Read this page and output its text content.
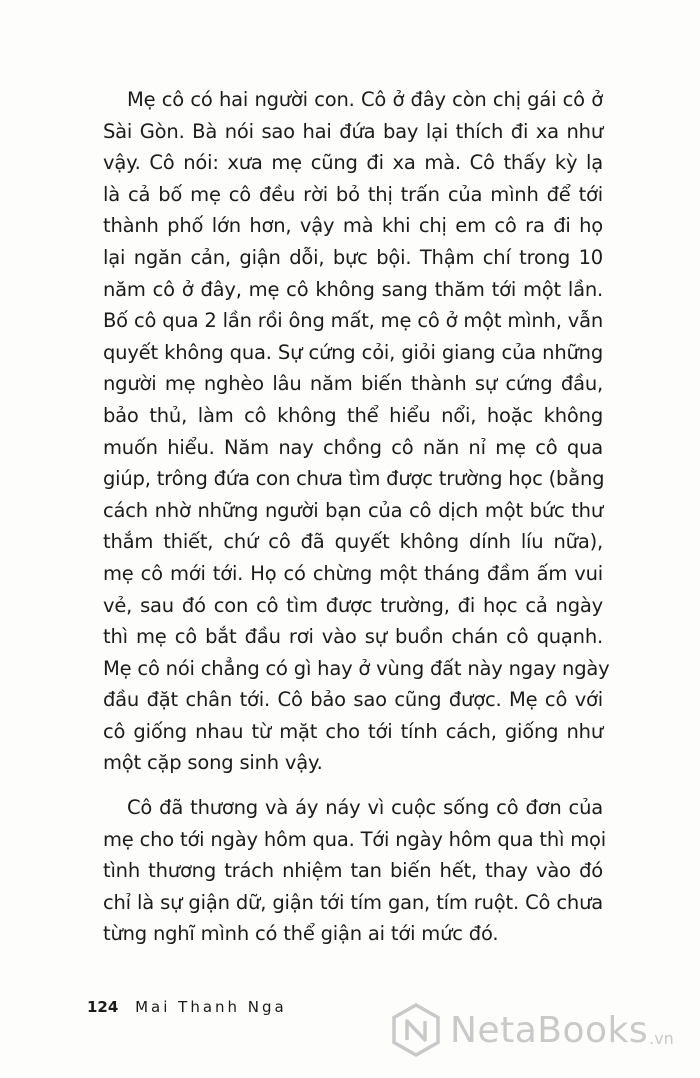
Mẹ cô có hai người con. Cô ở đây còn chị gái cô ở
Sài Gòn. Bà nói sao hai đứa bay lại thích đi xa như
vậy. Cô nói: xưa mẹ cũng đi xa mà. Cô thấy kỳ lạ
là cả bố mẹ cô đều rời bỏ thị trấn của mình để tới
thành phố lớn hơn, vậy mà khi chị em cô ra đi họ
lại ngăn cản, giận dỗi, bực bội. Thậm chí trong 10
năm cô ở đây, mẹ cô không sang thăm tới một lần.
Bố cô qua 2 lần rồi ông mất, mẹ cô ở một mình, vẫn
quyết không qua. Sự cứng cỏi, giỏi giang của những
người mẹ nghèo lâu năm biến thành sự cứng đầu,
bảo thủ, làm cô không thể hiểu nổi, hoặc không
muốn hiểu. Năm nay chồng cô năn nỉ mẹ cô qua
giúp, trông đứa con chưa tìm được trường học (bằng
cách nhờ những người bạn của cô dịch một bức thư
thắm thiết, chứ cô đã quyết không dính líu nữa),
mẹ cô mới tới. Họ có chừng một tháng đầm ấm vui
vẻ, sau đó con cô tìm được trường, đi học cả ngày
thì mẹ cô bắt đầu rơi vào sự buồn chán cô quạnh.
Mẹ cô nói chẳng có gì hay ở vùng đất này ngay ngày
đầu đặt chân tới. Cô bảo sao cũng được. Mẹ cô với
cô giống nhau từ mặt cho tới tính cách, giống như
một cặp song sinh vậy.
Cô đã thương và áy náy vì cuộc sống cô đơn của
mẹ cho tới ngày hôm qua. Tới ngày hôm qua thì mọi
tình thương trách nhiệm tan biến hết, thay vào đó
chỉ là sự giận dữ, giận tới tím gan, tím ruột. Cô chưa
từng nghĩ mình có thể giận ai tới mức đó.
124 Mai Thanh Nga
NetaBooks .vn
